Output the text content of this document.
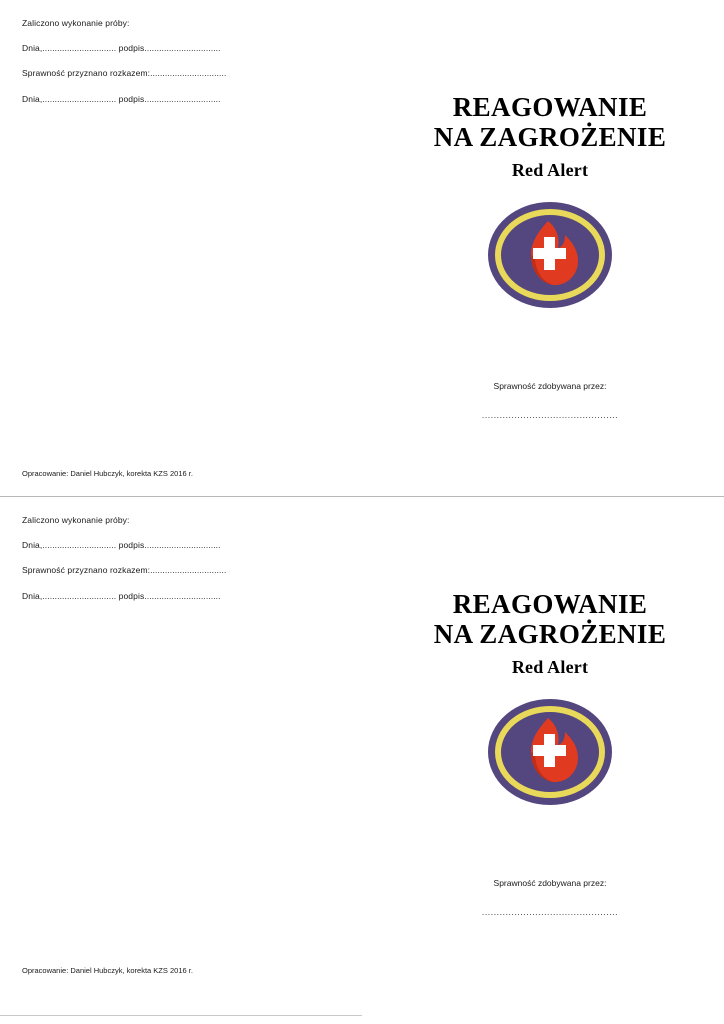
Zaliczono wykonanie próby:
Dnia,.............................. podpis...............................
Sprawność przyznano rozkazem:...............................
Dnia,.............................. podpis...............................	REAGOWANIE
NA ZAGROŻENIE
Red Alert
Sprawność zdobywana przez:
..............................................
Opracowanie: Daniel Hubczyk, korekta KZS 2016 r.
Zaliczono wykonanie próby:
Dnia,.............................. podpis...............................
Sprawność przyznano rozkazem:...............................
Dnia,.............................. podpis...............................	REAGOWANIE
NA ZAGROŻENIE
Red Alert
Sprawność zdobywana przez:
..............................................
Opracowanie: Daniel Hubczyk, korekta KZS 2016 r.
